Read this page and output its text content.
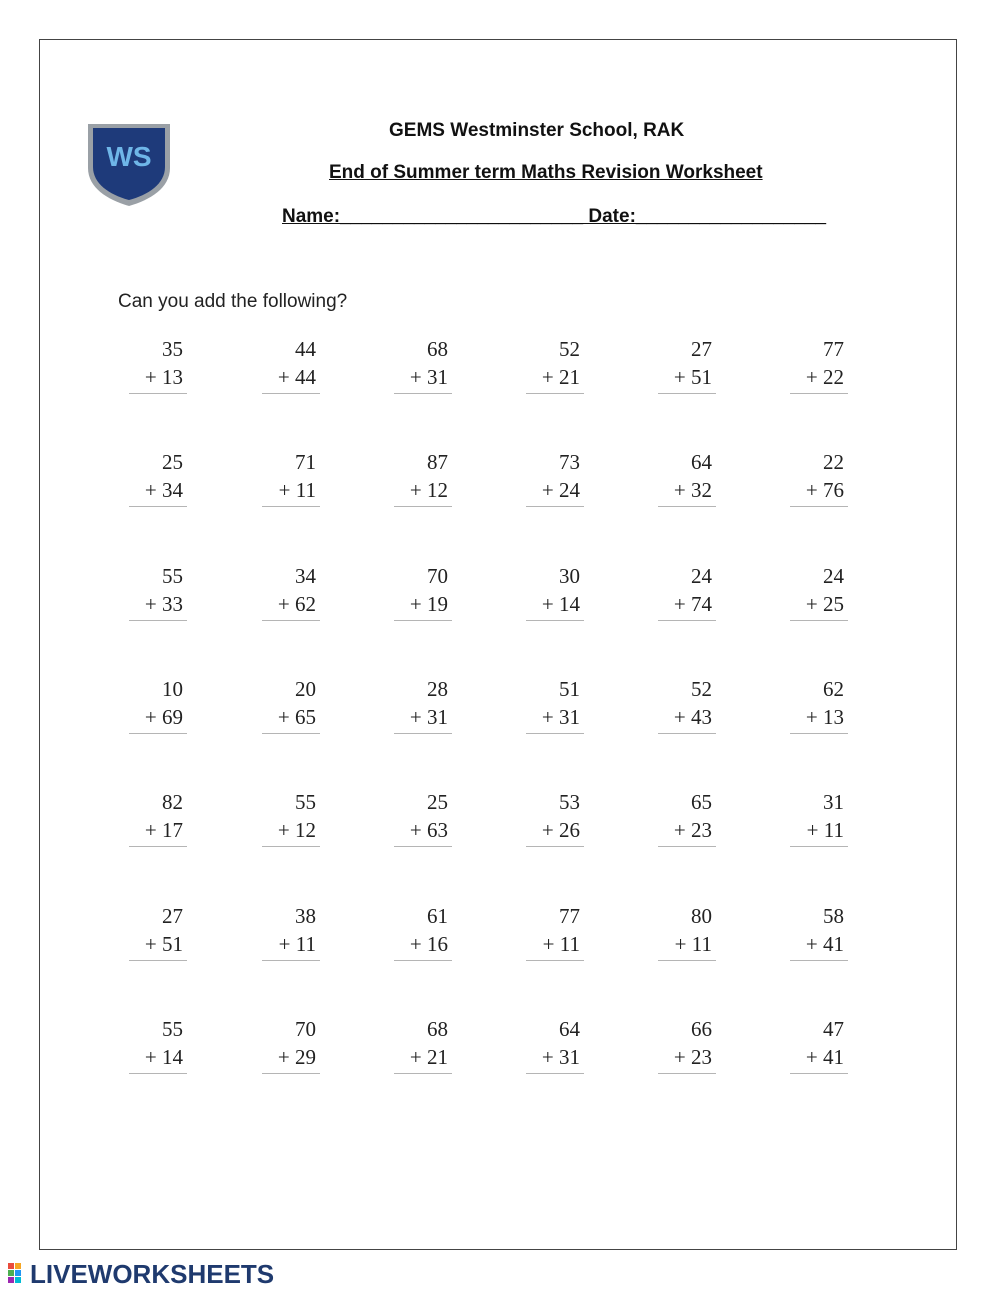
WS
GEMS Westminster School, RAK
End of Summer term Maths Revision Worksheet
Name:_______________________ Date:__________________
Can you add the following?
35
+ 13
44
+ 44
68
+ 31
52
+ 21
27
+ 51
77
+ 22
25
+ 34
71
+ 11
87
+ 12
73
+ 24
64
+ 32
22
+ 76
55
+ 33
34
+ 62
70
+ 19
30
+ 14
24
+ 74
24
+ 25
10
+ 69
20
+ 65
28
+ 31
51
+ 31
52
+ 43
62
+ 13
82
+ 17
55
+ 12
25
+ 63
53
+ 26
65
+ 23
31
+ 11
27
+ 51
38
+ 11
61
+ 16
77
+ 11
80
+ 11
58
+ 41
55
+ 14
70
+ 29
68
+ 21
64
+ 31
66
+ 23
47
+ 41
LIVEWORKSHEETS
